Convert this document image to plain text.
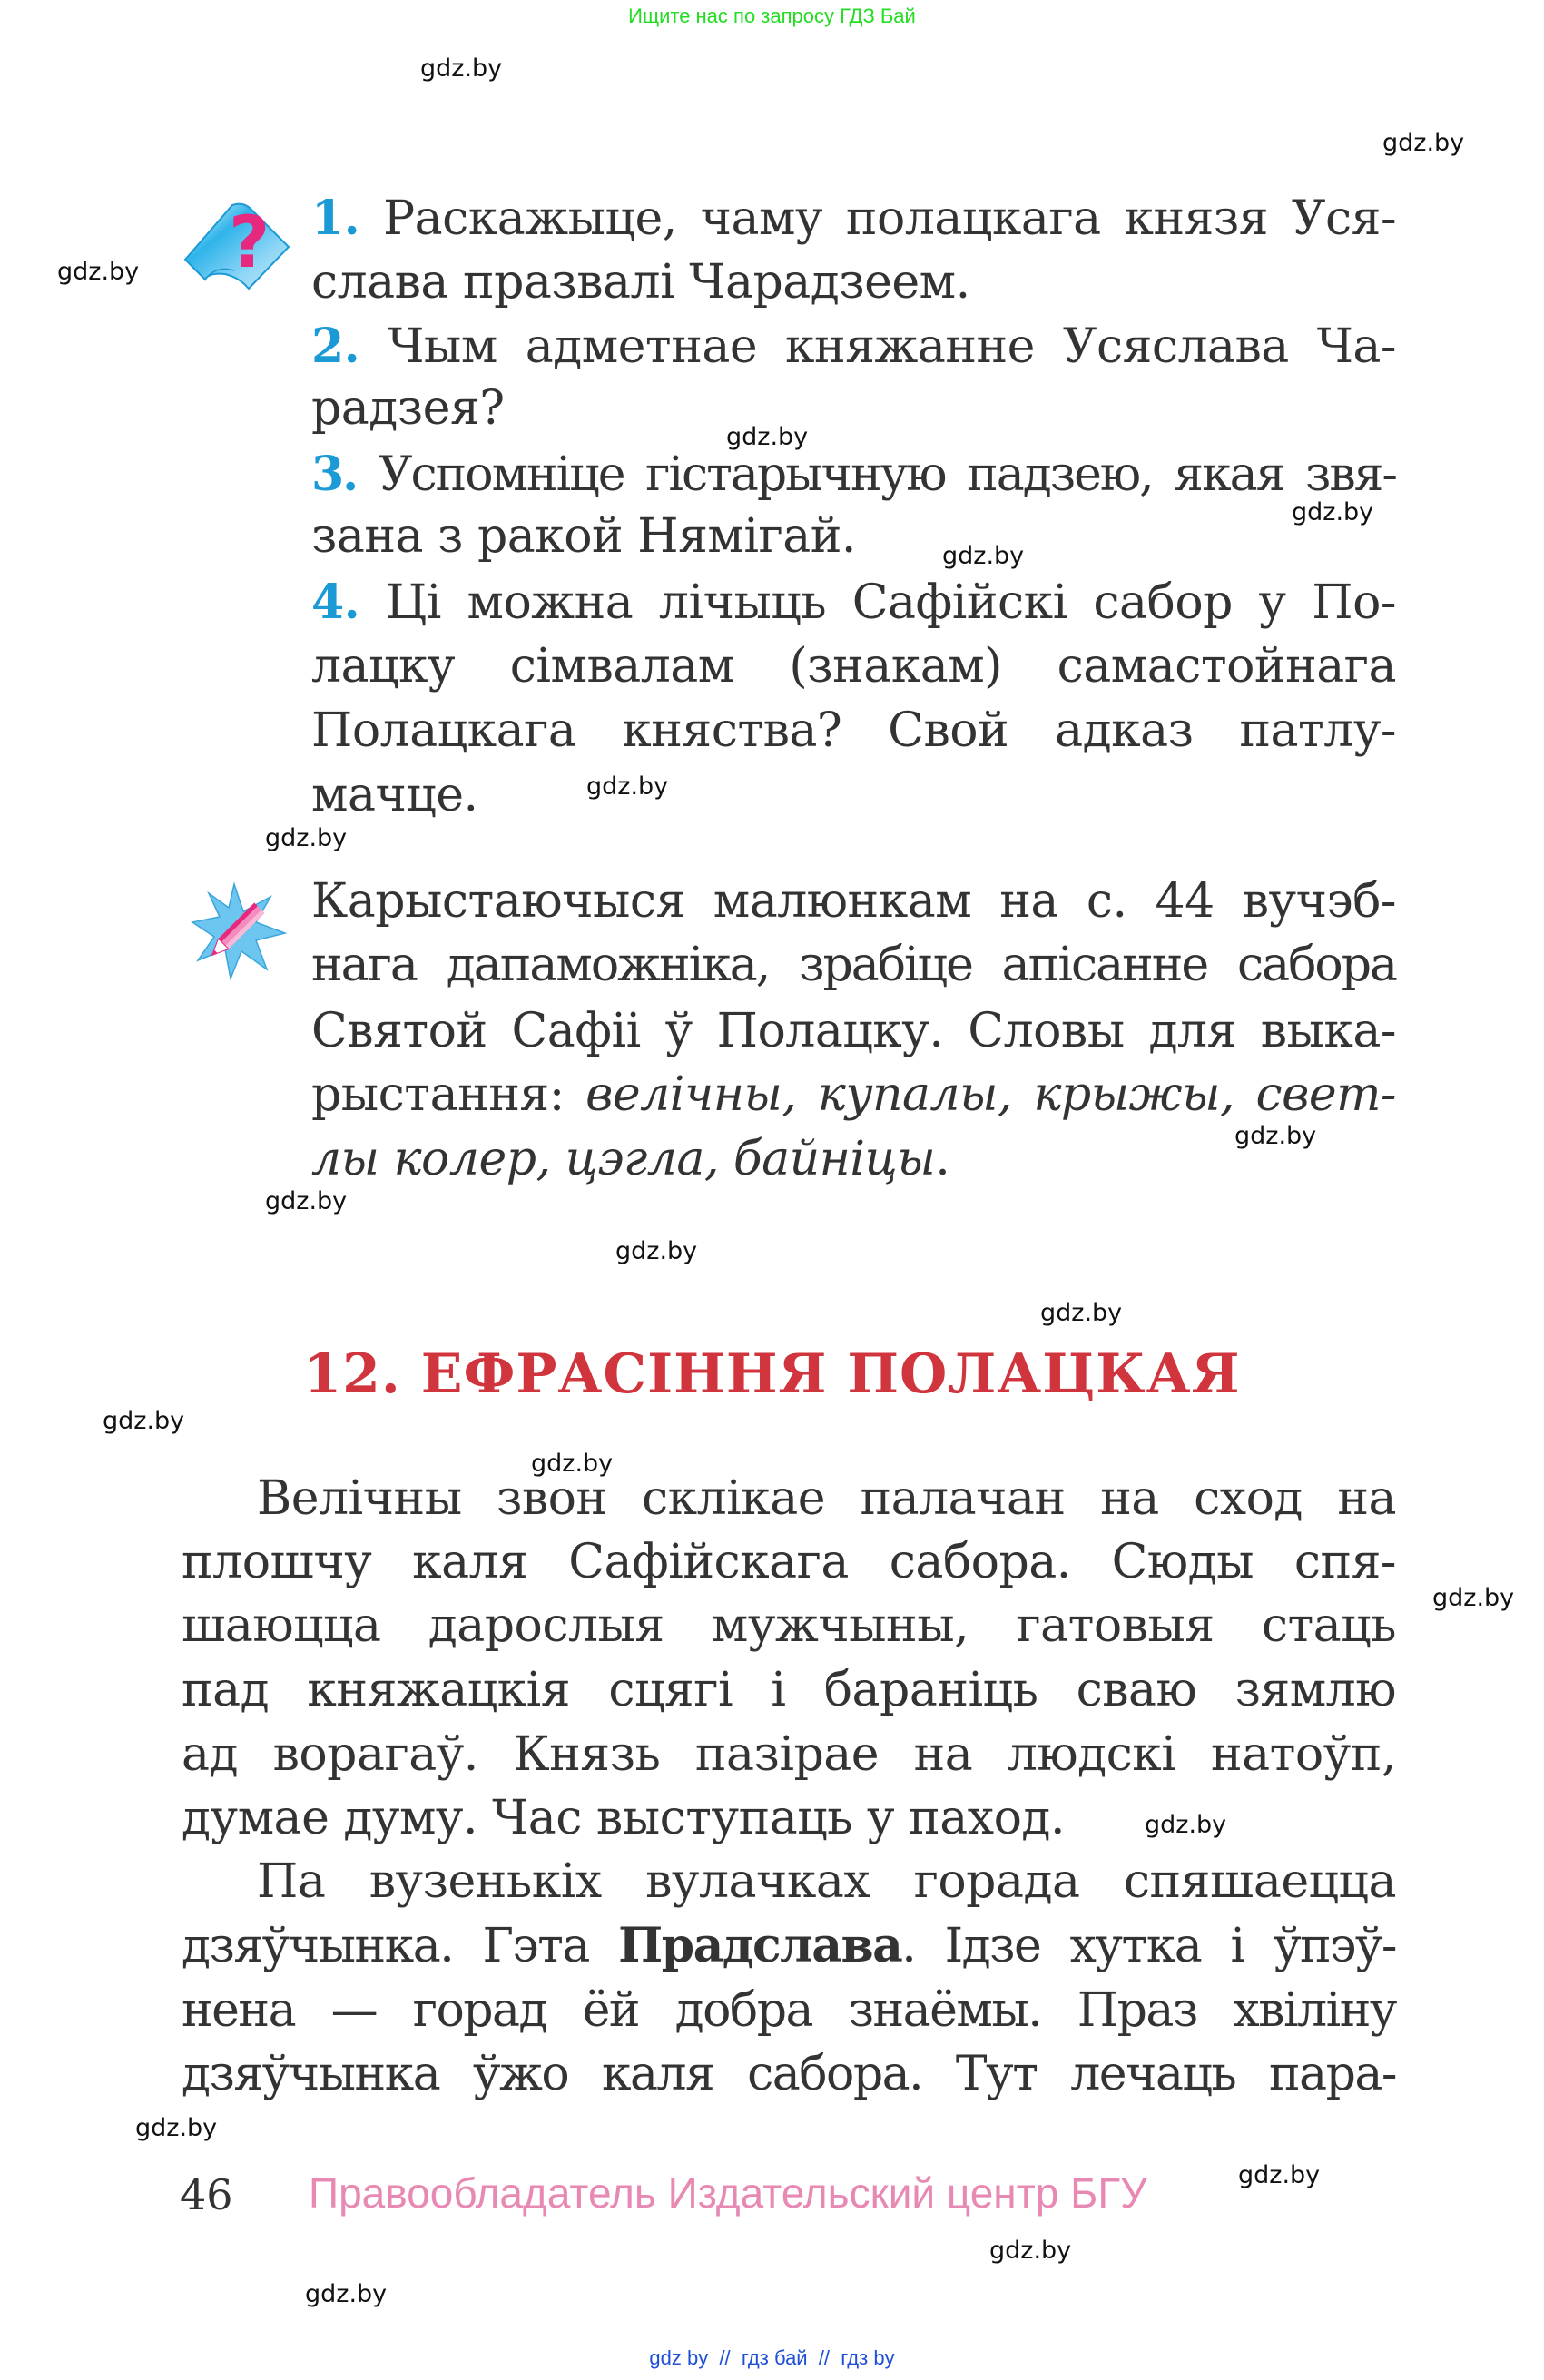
Ищите нас по запросу ГДЗ Бай
gdz.by
gdz.by
gdz.by
gdz.by
gdz.by
gdz.by
gdz.by
gdz.by
gdz.by
gdz.by
gdz.by
gdz.by
gdz.by
gdz.by
gdz.by
gdz.by
gdz.by
gdz.by
gdz.by
gdz.by
? 1. Раскажыце, чаму полацкага князя Уся-
слава празвалі Чарадзеем.
2. Чым адметнае княжанне Усяслава Ча-
радзея?
3. Успомніце гістарычную падзею, якая звя-
зана з ракой Нямігай.
4. Ці можна лічыць Сафійскі сабор у По-
лацку сімвалам (знакам) самастойнага
Полацкага княства? Свой адказ патлу-
мачце.
Карыстаючыся малюнкам на с. 44 вучэб-
нага дапаможніка, зрабіце апісанне сабора
Святой Сафіі ў Полацку. Словы для выка-
рыстання: велічны, купалы, крыжы, свет-
лы колер, цэгла, байніцы.
12. ЕФРАСІННЯ ПОЛАЦКАЯ
Велічны звон склікае палачан на сход на
плошчу каля Сафійскага сабора. Сюды спя-
шаюцца дарослыя мужчыны, гатовыя стаць
пад княжацкія сцягі і бараніць сваю зямлю
ад ворагаў. Князь пазірае на людскі натоўп,
думае думу. Час выступаць у паход.
Па вузенькіх вулачках горада спяшаецца
дзяўчынка. Гэта Прадслава. Ідзе хутка і ўпэў-
нена — горад ёй добра знаёмы. Праз хвіліну
дзяўчынка ўжо каля сабора. Тут лечаць пара-
46 Правообладатель Издательский центр БГУ
gdz by  //  гдз бай  //  гдз by
